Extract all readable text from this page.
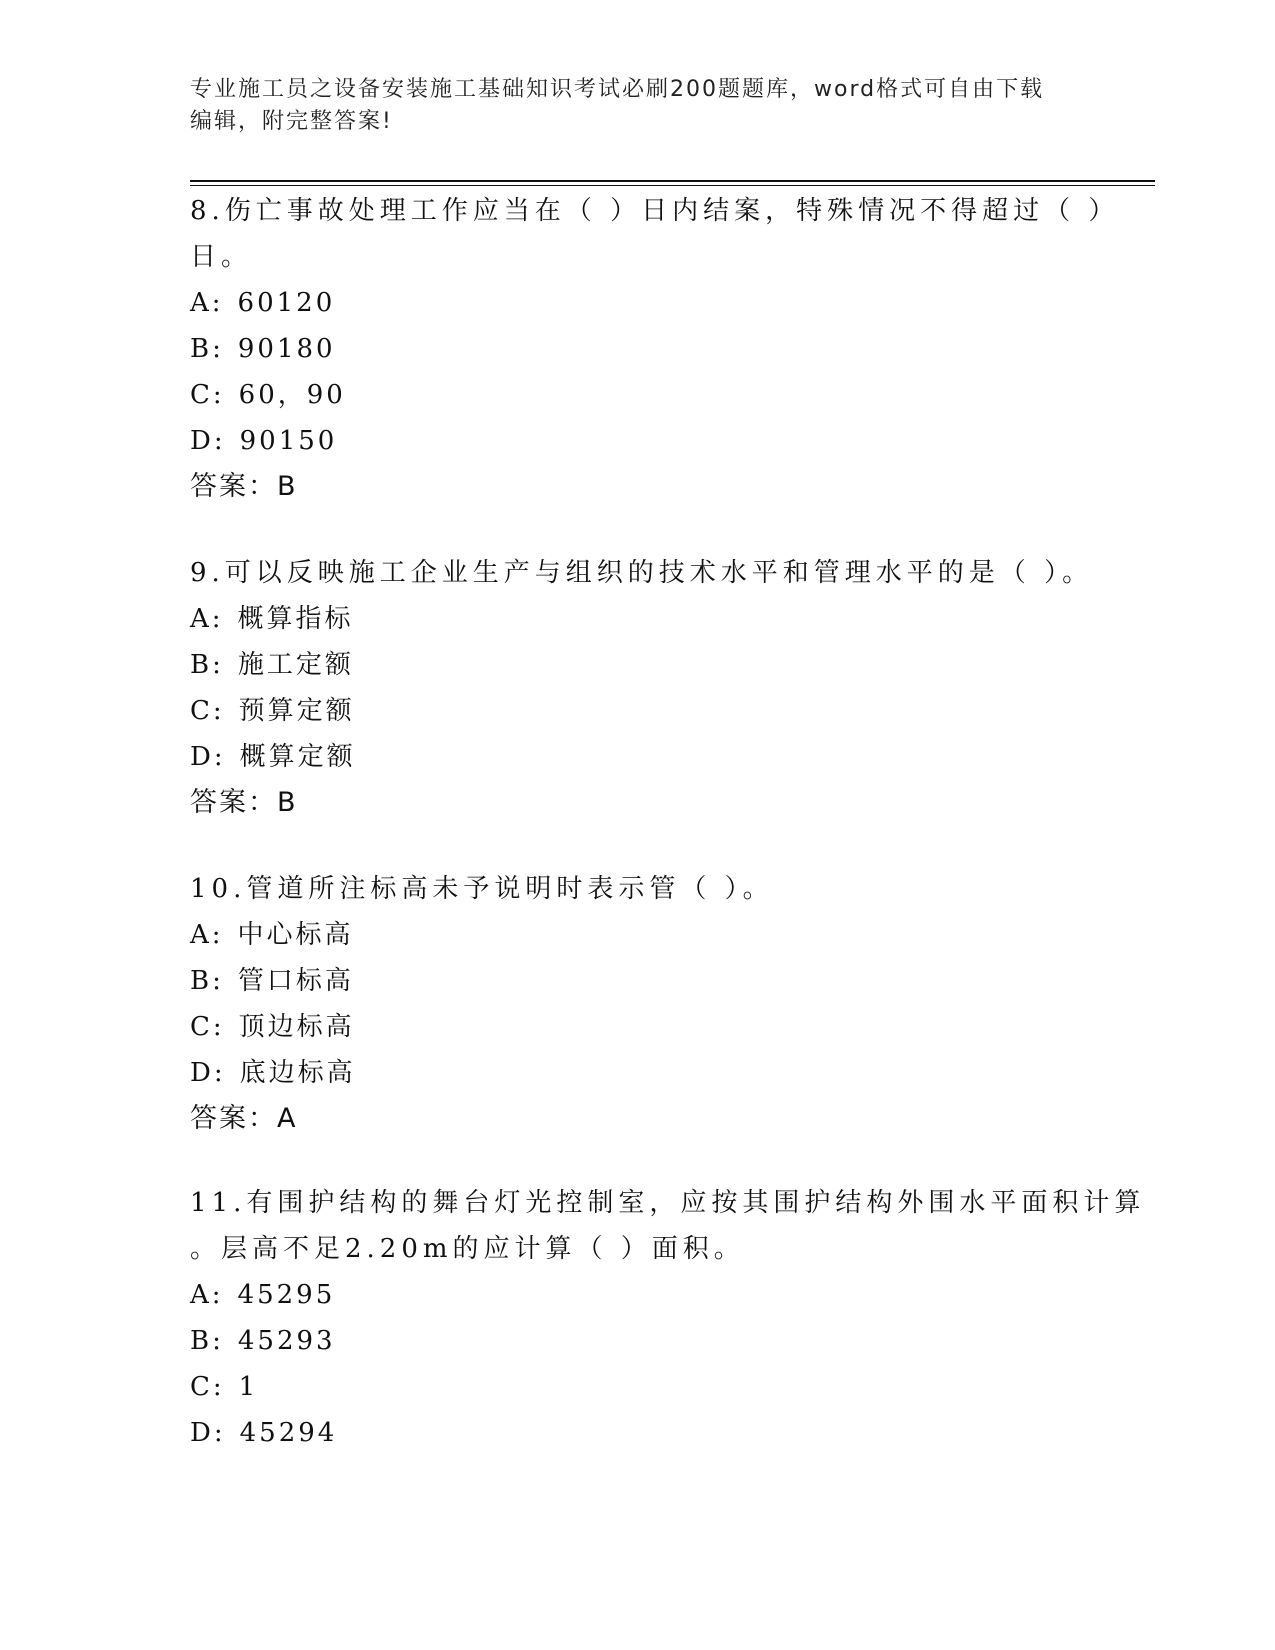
专业施工员之设备安装施工基础知识考试必刷200题题库，word格式可自由下载
编辑，附完整答案!
8.伤亡事故处理工作应当在（ ）日内结案，特殊情况不得超过（ ）
日。
A: 60120
B: 90180
C: 60，90
D: 90150
答案：B
9.可以反映施工企业生产与组织的技术水平和管理水平的是（ ）。
A: 概算指标
B: 施工定额
C: 预算定额
D: 概算定额
答案：B
10.管道所注标高未予说明时表示管（ ）。
A: 中心标高
B: 管口标高
C: 顶边标高
D: 底边标高
答案：A
11.有围护结构的舞台灯光控制室，应按其围护结构外围水平面积计算
。层高不足2.20m的应计算（ ）面积。
A: 45295
B: 45293
C: 1
D: 45294
